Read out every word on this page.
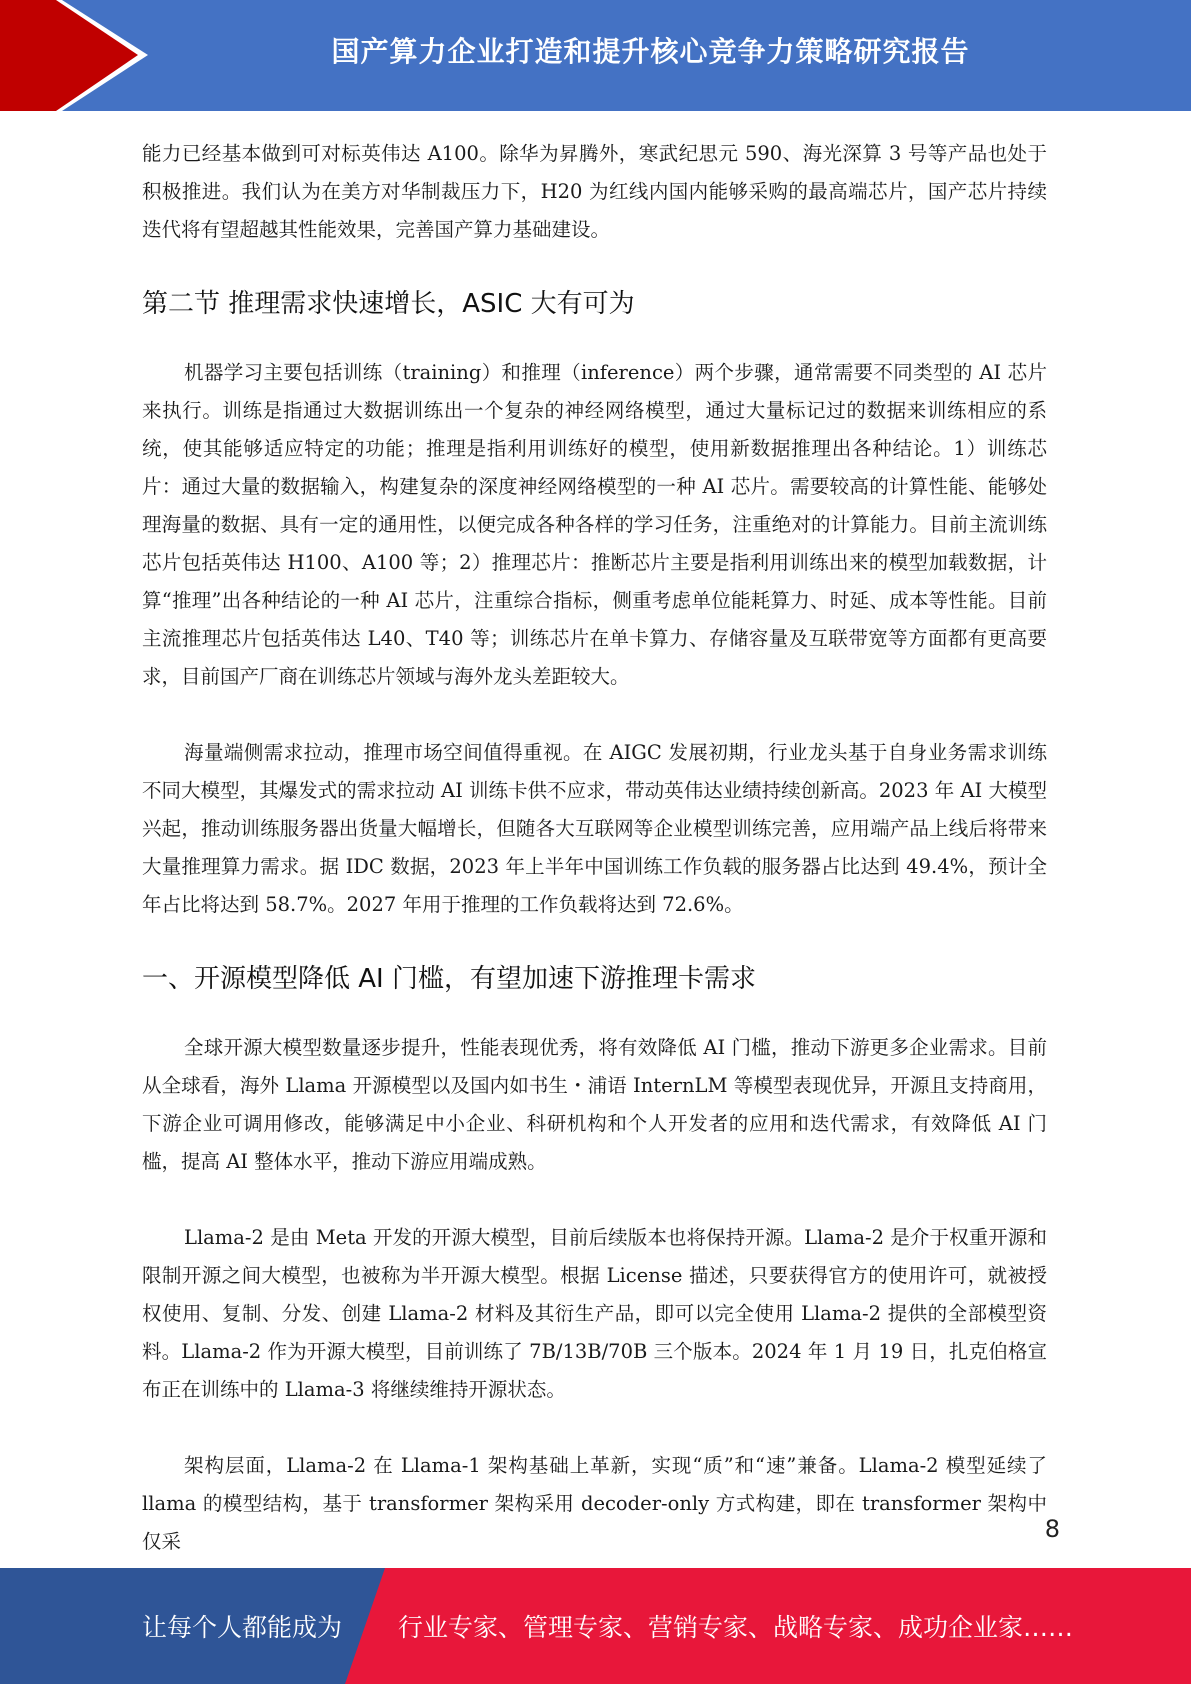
国产算力企业打造和提升核心竞争力策略研究报告

能力已经基本做到可对标英伟达 A100。除华为昇腾外，寒武纪思元 590、海光深算 3 号等产品也处于积极推进。我们认为在美方对华制裁压力下，H20 为红线内国内能够采购的最高端芯片，国产芯片持续迭代将有望超越其性能效果，完善国产算力基础建设。

第二节 推理需求快速增长，ASIC 大有可为

机器学习主要包括训练（training）和推理（inference）两个步骤，通常需要不同类型的 AI 芯片来执行。训练是指通过大数据训练出一个复杂的神经网络模型，通过大量标记过的数据来训练相应的系统，使其能够适应特定的功能；推理是指利用训练好的模型，使用新数据推理出各种结论。1）训练芯片：通过大量的数据输入，构建复杂的深度神经网络模型的一种 AI 芯片。需要较高的计算性能、能够处理海量的数据、具有一定的通用性，以便完成各种各样的学习任务，注重绝对的计算能力。目前主流训练芯片包括英伟达 H100、A100 等；2）推理芯片：推断芯片主要是指利用训练出来的模型加载数据，计算“推理”出各种结论的一种 AI 芯片，注重综合指标，侧重考虑单位能耗算力、时延、成本等性能。目前主流推理芯片包括英伟达 L40、T40 等；训练芯片在单卡算力、存储容量及互联带宽等方面都有更高要求，目前国产厂商在训练芯片领域与海外龙头差距较大。

海量端侧需求拉动，推理市场空间值得重视。在 AIGC 发展初期，行业龙头基于自身业务需求训练不同大模型，其爆发式的需求拉动 AI 训练卡供不应求，带动英伟达业绩持续创新高。2023 年 AI 大模型兴起，推动训练服务器出货量大幅增长，但随各大互联网等企业模型训练完善，应用端产品上线后将带来大量推理算力需求。据 IDC 数据，2023 年上半年中国训练工作负载的服务器占比达到 49.4%，预计全年占比将达到 58.7%。2027 年用于推理的工作负载将达到 72.6%。

一、开源模型降低 AI 门槛，有望加速下游推理卡需求

全球开源大模型数量逐步提升，性能表现优秀，将有效降低 AI 门槛，推动下游更多企业需求。目前从全球看，海外 Llama 开源模型以及国内如书生・浦语 InternLM 等模型表现优异，开源且支持商用，下游企业可调用修改，能够满足中小企业、科研机构和个人开发者的应用和迭代需求，有效降低 AI 门槛，提高 AI 整体水平，推动下游应用端成熟。

Llama-2 是由 Meta 开发的开源大模型，目前后续版本也将保持开源。Llama-2 是介于权重开源和限制开源之间大模型，也被称为半开源大模型。根据 License 描述，只要获得官方的使用许可，就被授权使用、复制、分发、创建 Llama-2 材料及其衍生产品，即可以完全使用 Llama-2 提供的全部模型资料。Llama-2 作为开源大模型，目前训练了 7B/13B/70B 三个版本。2024 年 1 月 19 日，扎克伯格宣布正在训练中的 Llama-3 将继续维持开源状态。

架构层面，Llama-2 在 Llama-1 架构基础上革新，实现“质”和“速”兼备。Llama-2 模型延续了 llama 的模型结构，基于 transformer 架构采用 decoder-only 方式构建，即在 transformer 架构中仅采	8
让每个人都能成为 行业专家、管理专家、营销专家、战略专家、成功企业家……
